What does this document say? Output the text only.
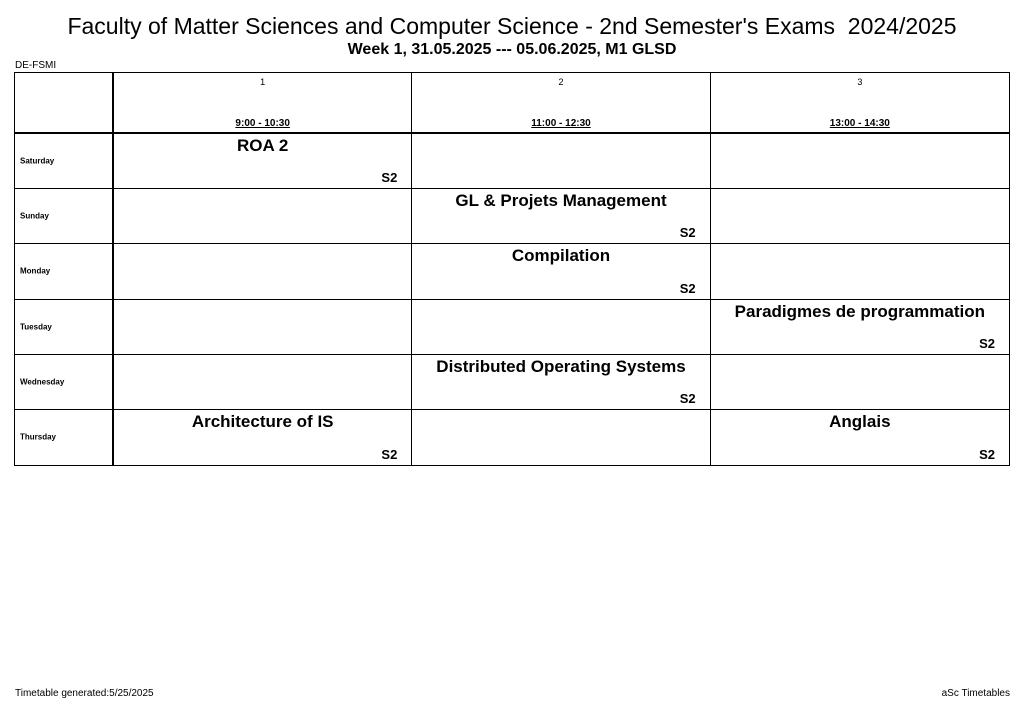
Faculty of Matter Sciences and Computer Science - 2nd Semester's Exams  2024/2025
Week 1, 31.05.2025 --- 05.06.2025, M1 GLSD
DE-FSMI
1
9:00 - 10:30
2
11:00 - 12:30
3
13:00 - 14:30
Saturday
ROA 2
S2
Sunday
GL & Projets Management
S2
Monday
Compilation
S2
Tuesday
Paradigmes de programmation
S2
Wednesday
Distributed Operating Systems
S2
Thursday
Architecture of IS
S2
Anglais
S2
Timetable generated:5/25/2025	aSc Timetables
